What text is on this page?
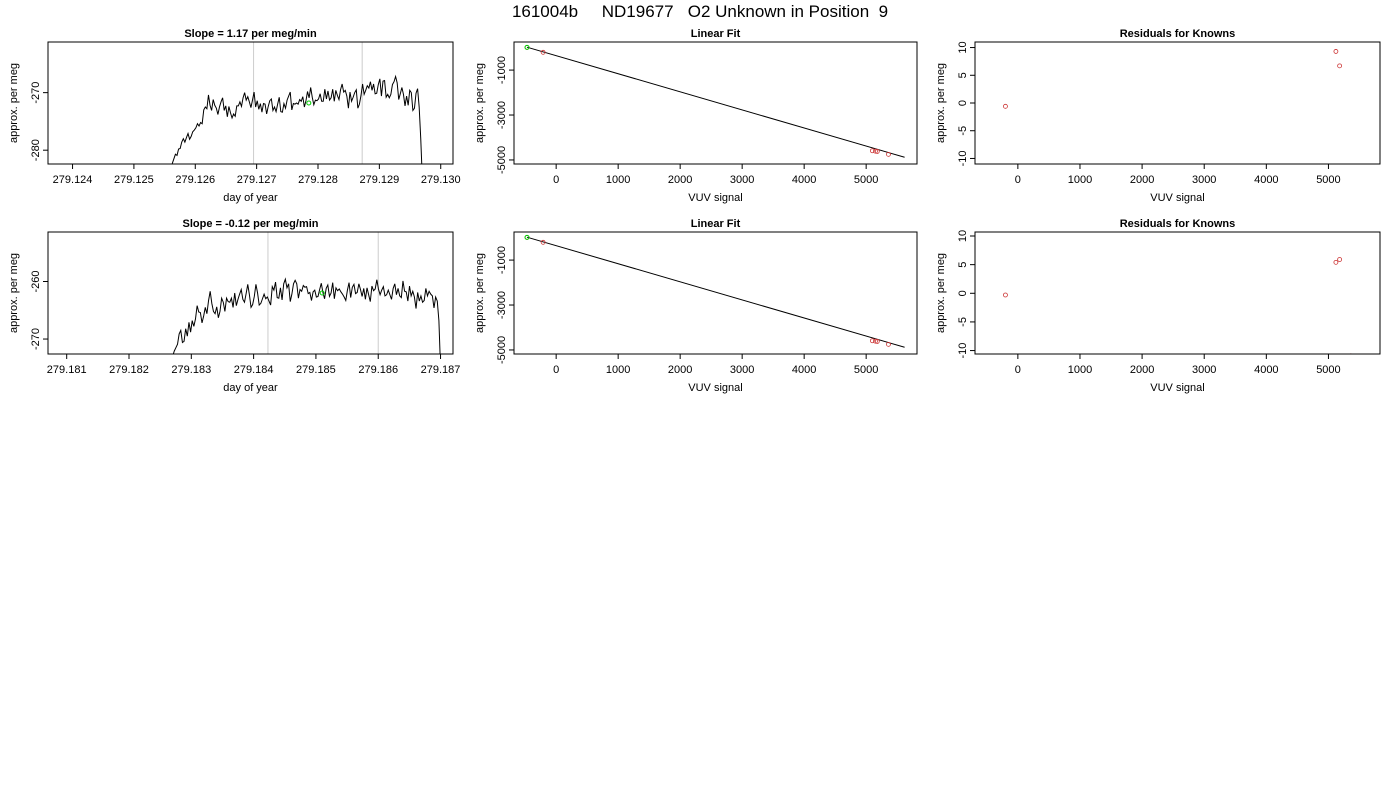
161004b     ND19677   O2 Unknown in Position  9
Slope = 1.17 per meg/min
day of year
approx. per meg
279.124 279.125 279.126 279.127 279.128 279.129 279.130
-280
-270
Linear Fit
VUV signal
approx. per meg
0	1000	2000	3000	4000	5000
-5000
-3000
-1000
Residuals for Knowns
VUV signal
approx. per meg
0	1000	2000	3000	4000	5000
-10
-5
0
5
10
Slope = -0.12 per meg/min
day of year
approx. per meg
279.181 279.182 279.183 279.184 279.185 279.186 279.187
-270
-260
Linear Fit
VUV signal
approx. per meg
0	1000	2000	3000	4000	5000
-5000
-3000
-1000
Residuals for Knowns
VUV signal
approx. per meg
0	1000	2000	3000	4000	5000
-10
-5
0
5
10
